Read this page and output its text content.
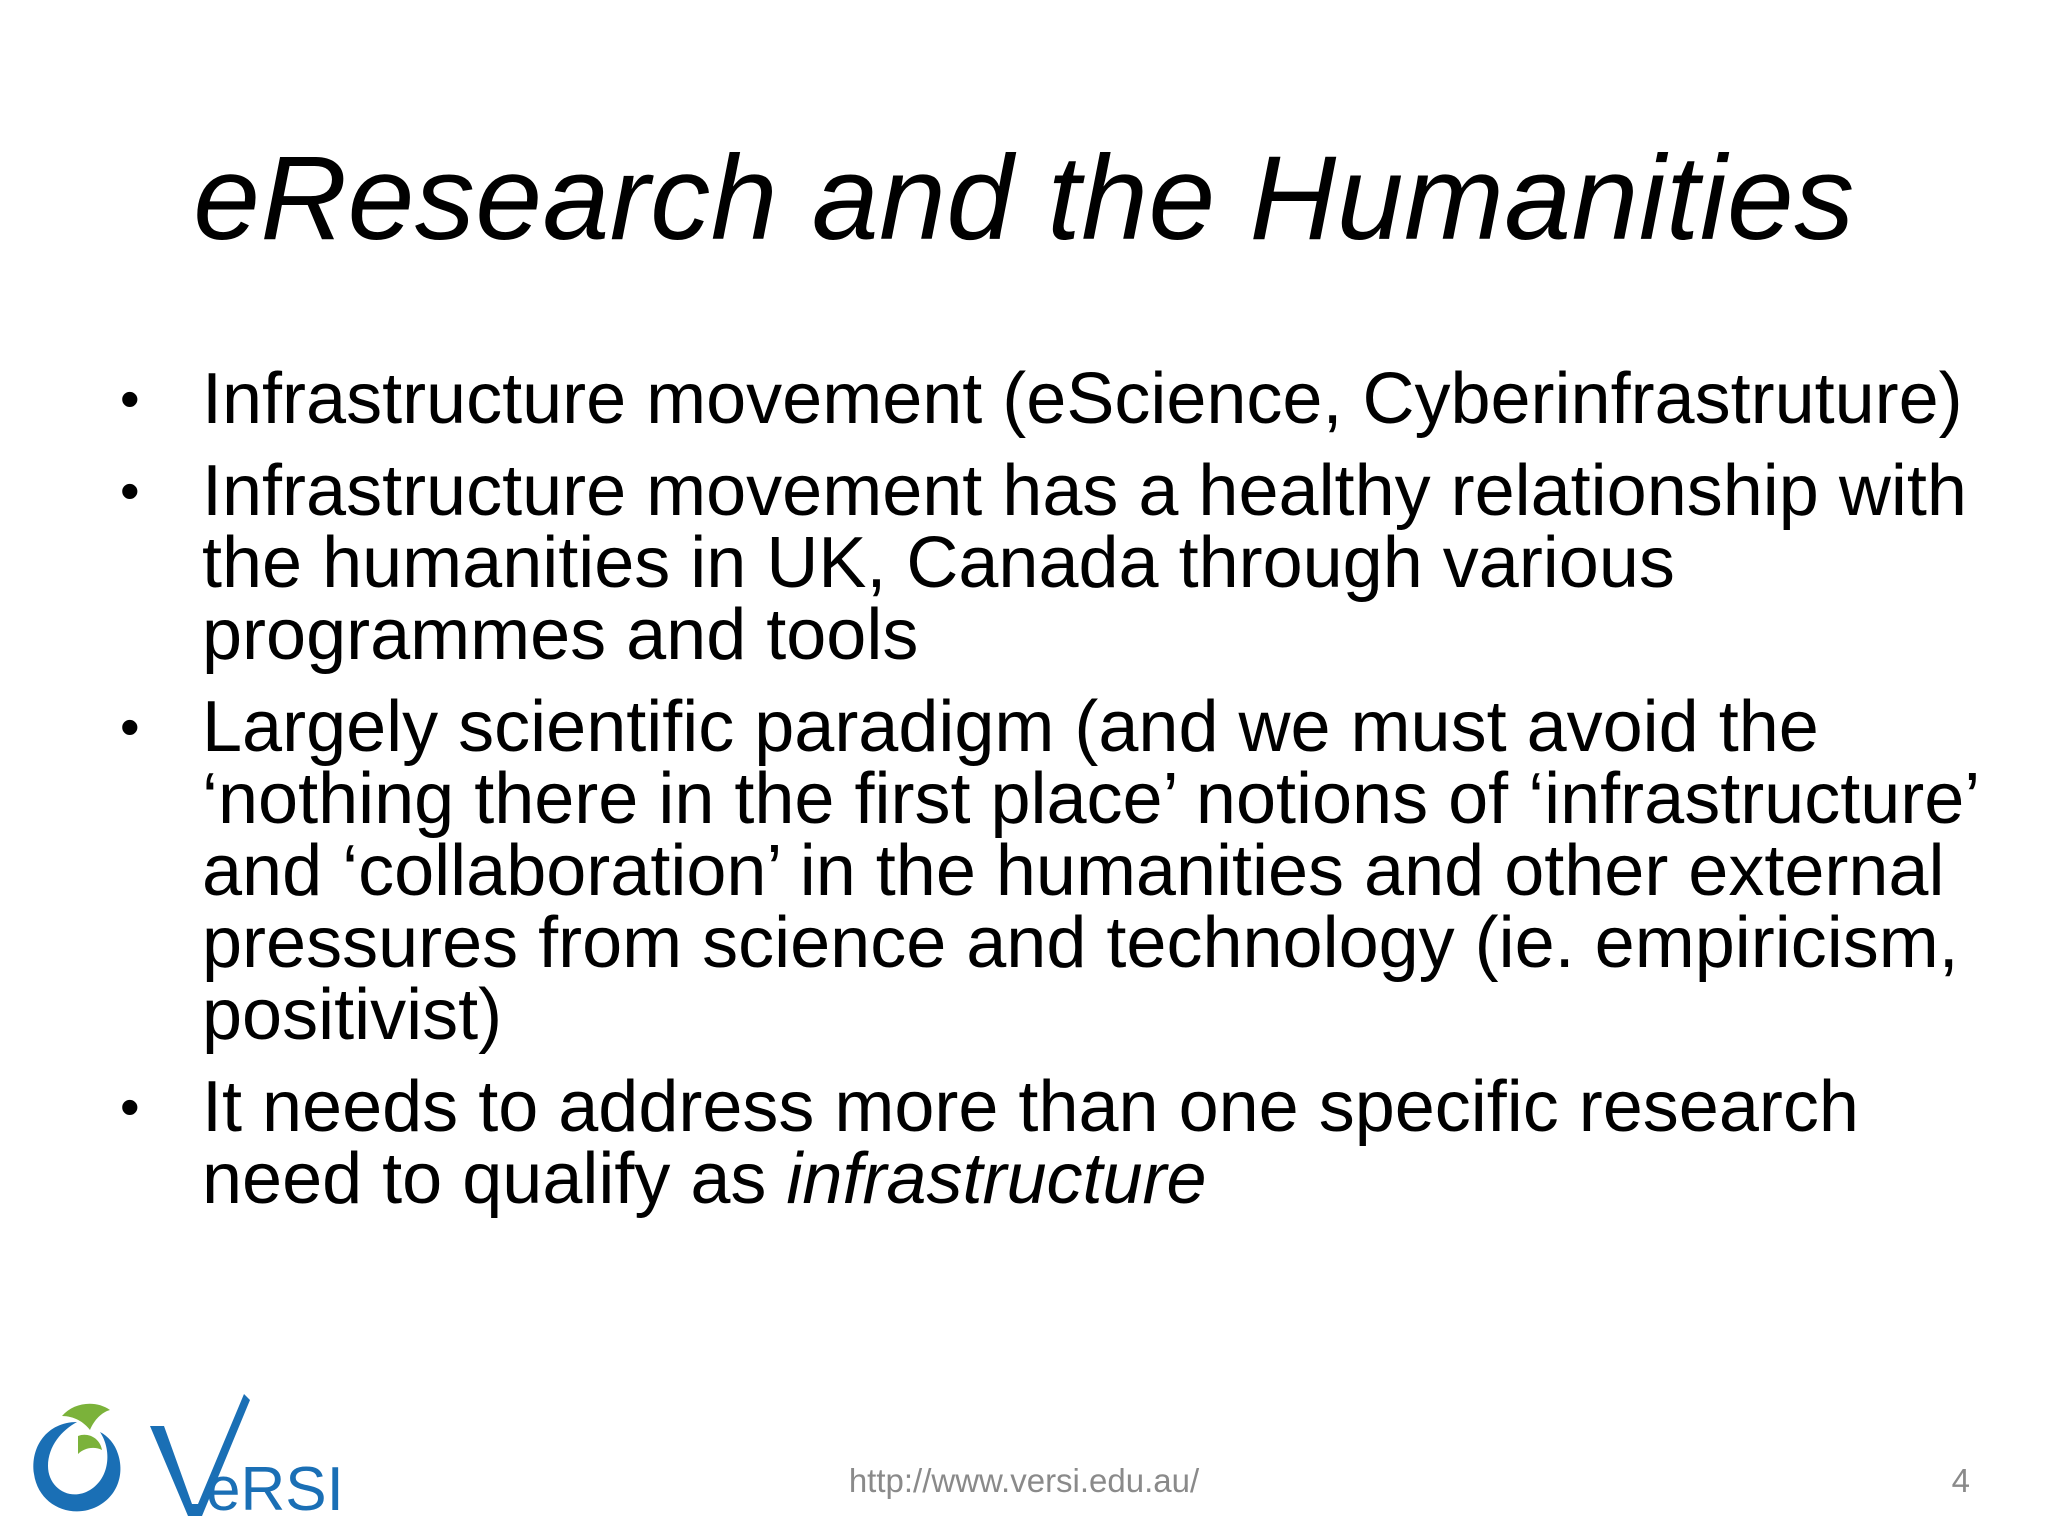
eResearch and the Humanities
• Infrastructure movement (eScience, Cyberinfrastruture)
• Infrastructure movement has a healthy relationship with the humanities in UK, Canada through various programmes and tools
• Largely scientific paradigm (and we must avoid the ‘nothing there in the first place’ notions of ‘infrastructure’ and ‘collaboration’ in the humanities and other external pressures from science and technology (ie. empiricism, positivist)
• It needs to address more than one specific research need to qualify as infrastructure
eRSI	http://www.versi.edu.au/	4
